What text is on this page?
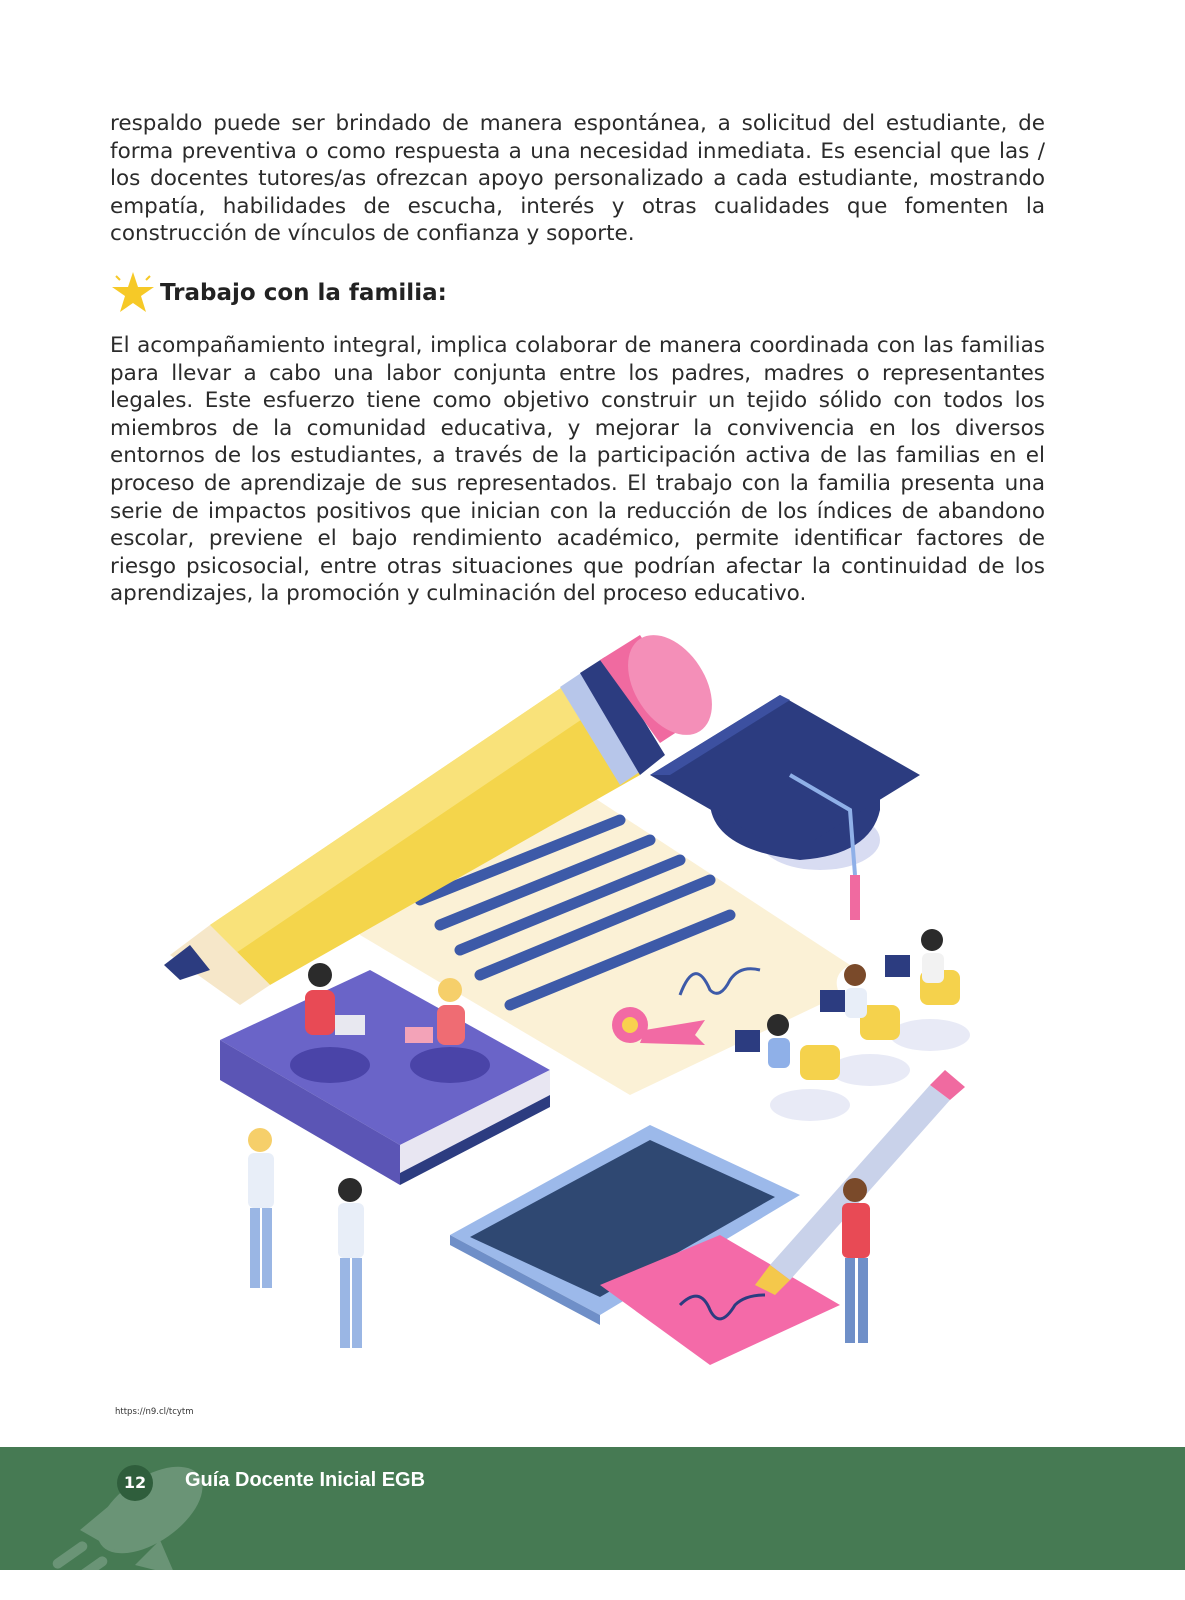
respaldo puede ser brindado de manera espontánea, a solicitud del estudiante, de forma preventiva o como respuesta a una necesidad inmediata. Es esencial que las / los docentes tutores/as ofrezcan apoyo personalizado a cada estudiante, mostrando empatía, habilidades de escucha, interés y otras cualidades que fomenten la construcción de vínculos de confianza y soporte.

Trabajo con la familia:

El acompañamiento integral, implica colaborar de manera coordinada con las familias para llevar a cabo una labor conjunta entre los padres, madres o representantes legales. Este esfuerzo tiene como objetivo construir un tejido sólido con todos los miembros de la comunidad educativa, y mejorar la convivencia en los diversos entornos de los estudiantes, a través de la participación activa de las familias en el proceso de aprendizaje de sus representados. El trabajo con la familia presenta una serie de impactos positivos que inician con la reducción de los índices de abandono escolar, previene el bajo rendimiento académico, permite identificar factores de riesgo psicosocial, entre otras situaciones que podrían afectar la continuidad de los aprendizajes, la promoción y culminación del proceso educativo.

https://n9.cl/tcytm
12	Guía Docente Inicial EGB
